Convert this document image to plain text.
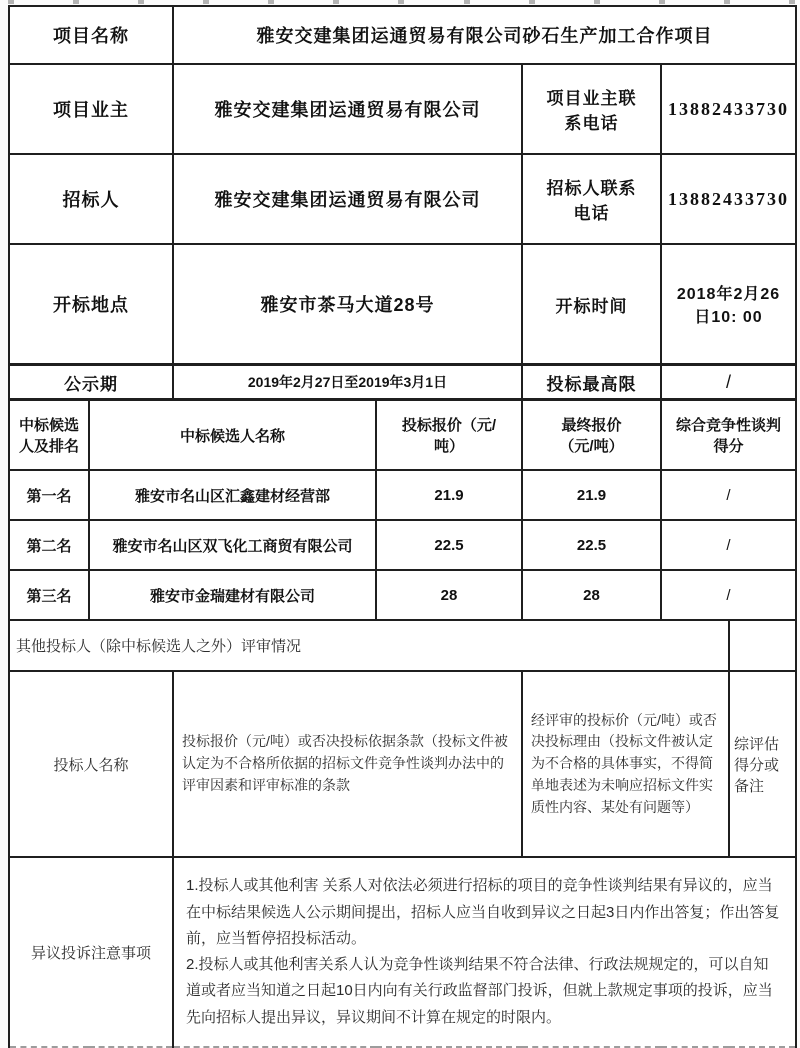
项目名称		雅安交建集团运通贸易有限公司砂石生产加工合作项目				
项目业主		雅安交建集团运通贸易有限公司		项目业主联系电话	13882433730	
招标人		雅安交建集团运通贸易有限公司		招标人联系电话	13882433730	
开标地点		雅安市茶马大道28号		开标时间	2018年2月26日10: 00	
公示期		2019年2月27日至2019年3月1日		投标最高限	/	
中标候选人及排名	中标候选人名称		投标报价（元/吨）	最终报价（元/吨）	综合竞争性谈判得分	
第一名	雅安市名山区汇鑫建材经营部		21.9	21.9	/	
第二名	雅安市名山区双飞化工商贸有限公司		22.5	22.5	/	
第三名	雅安市金瑞建材有限公司		28	28	/	
其他投标人（除中标候选人之外）评审情况						
投标人名称		投标报价（元/吨）或否决投标依据条款（投标文件被认定为不合格所依据的招标文件竞争性谈判办法中的评审因素和评审标准的条款		经评审的投标价（元/吨）或否决投标理由（投标文件被认定为不合格的具体事实，不得简单地表述为未响应招标文件实质性内容、某处有问题等）		综评估得分或备注
异议投诉注意事项		1.投标人或其他利害 关系人对依法必须进行招标的项目的竞争性谈判结果有异议的，应当在中标结果候选人公示期间提出，招标人应当自收到异议之日起3日内作出答复；作出答复前，应当暂停招投标活动。
2.投标人或其他利害关系人认为竞争性谈判结果不符合法律、行政法规规定的，可以自知道或者应当知道之日起10日内向有关行政监督部门投诉，但就上款规定事项的投诉，应当先向招标人提出异议，异议期间不计算在规定的时限内。				
